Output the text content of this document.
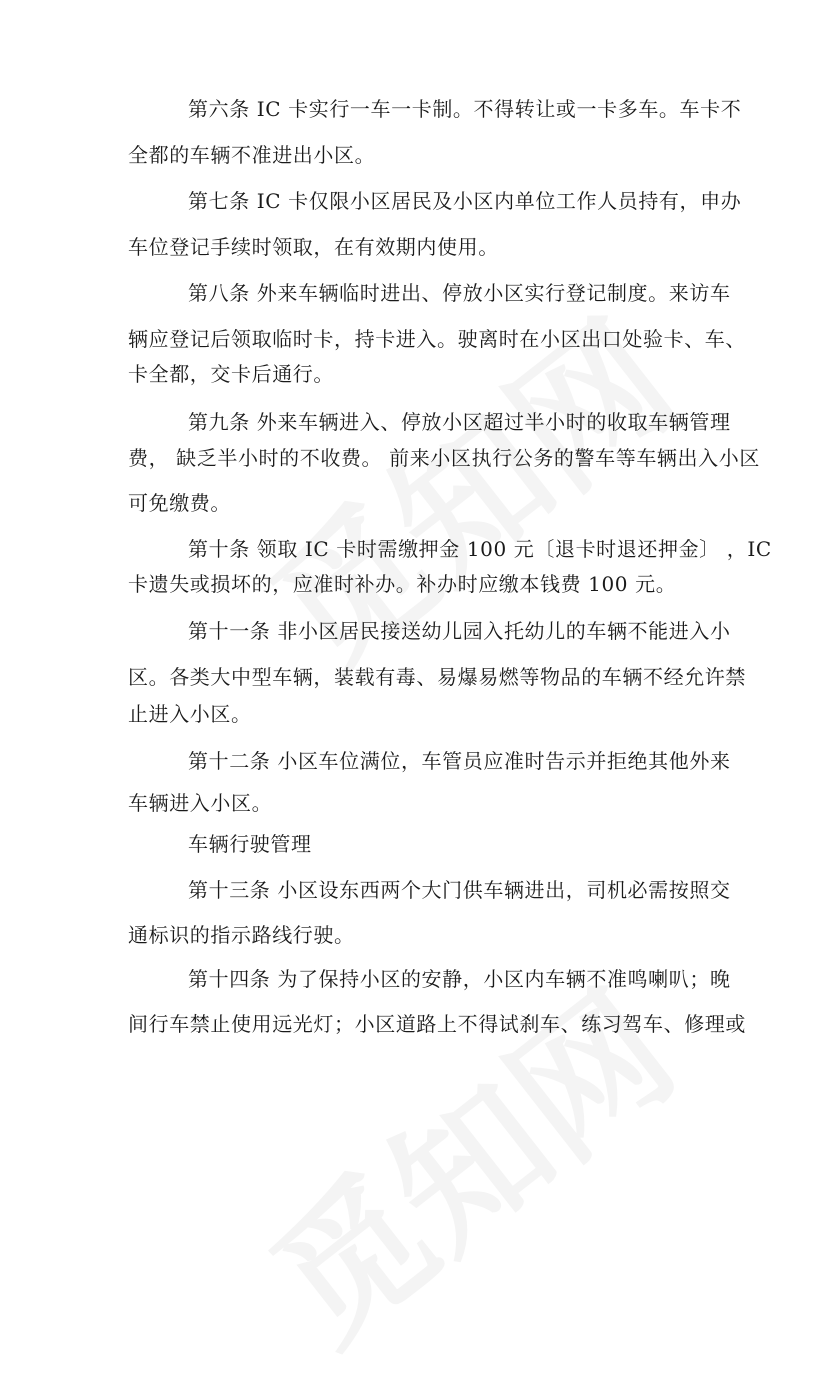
第六条 IC 卡实行一车一卡制。不得转让或一卡多车。车卡不
全都的车辆不准进出小区。
第七条 IC 卡仅限小区居民及小区内单位工作人员持有，申办
车位登记手续时领取，在有效期内使用。
第八条 外来车辆临时进出、停放小区实行登记制度。来访车
辆应登记后领取临时卡，持卡进入。驶离时在小区出口处验卡、车、
卡全都，交卡后通行。
第九条 外来车辆进入、停放小区超过半小时的收取车辆管理
费， 缺乏半小时的不收费。 前来小区执行公务的警车等车辆出入小区
可免缴费。
第十条 领取 IC 卡时需缴押金 100 元〔退卡时退还押金〕 ，IC
卡遗失或损坏的，应准时补办。补办时应缴本钱费 100 元。
第十一条 非小区居民接送幼儿园入托幼儿的车辆不能进入小
区。各类大中型车辆，装载有毒、易爆易燃等物品的车辆不经允许禁
止进入小区。
第十二条 小区车位满位，车管员应准时告示并拒绝其他外来
车辆进入小区。
车辆行驶管理
第十三条 小区设东西两个大门供车辆进出，司机必需按照交
通标识的指示路线行驶。
第十四条 为了保持小区的安静，小区内车辆不准鸣喇叭；晚
间行车禁止使用远光灯；小区道路上不得试刹车、练习驾车、修理或
